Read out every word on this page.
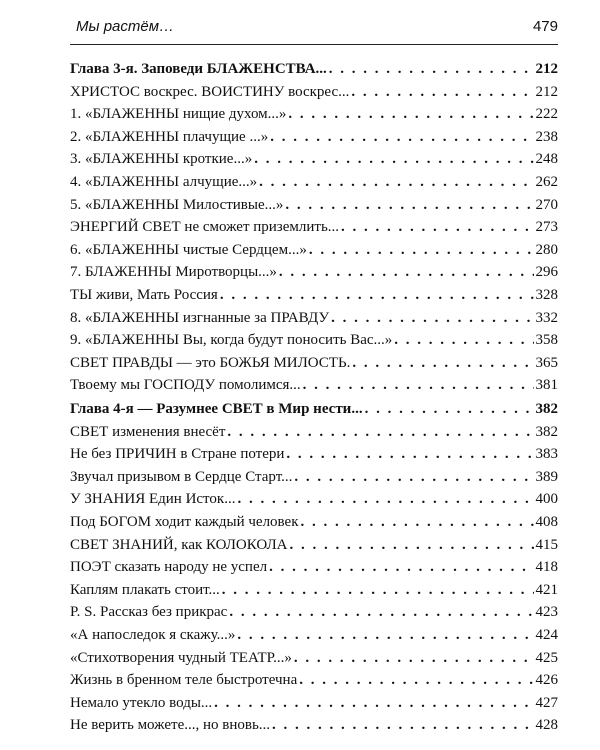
Мы растём…	479
Глава 3-я. Заповеди БЛАЖЕНСТВА... . . .	212
ХРИСТОС воскрес. ВОИСТИНУ воскрес... . . .	212
1. «БЛАЖЕННЫ нищие духом...» . . .	222
2. «БЛАЖЕННЫ плачущие ...» . . .	238
3. «БЛАЖЕННЫ кроткие...» . . .	248
4. «БЛАЖЕННЫ алчущие...» . . .	262
5. «БЛАЖЕННЫ Милостивые...» . . .	270
ЭНЕРГИЙ СВЕТ не сможет приземлить... . . .	273
6. «БЛАЖЕННЫ чистые Сердцем...» . . .	280
7. БЛАЖЕННЫ Миротворцы...» . . .	296
ТЫ живи, Мать Россия . . .	328
8. «БЛАЖЕННЫ изгнанные за ПРАВДУ . . .	332
9. «БЛАЖЕННЫ Вы, когда будут поносить Вас...» . . .	358
СВЕТ ПРАВДЫ — это БОЖЬЯ МИЛОСТЬ. . . .	365
Твоему мы ГОСПОДУ помолимся... . . .	381
Глава 4-я — Разумнее СВЕТ в Мир нести... . . .	382
СВЕТ изменения внесёт . . .	382
Не без ПРИЧИН в Стране потери . . .	383
Звучал призывом в Сердце Старт... . . .	389
У ЗНАНИЯ Един Исток... . . .	400
Под БОГОМ ходит каждый человек . . .	408
СВЕТ ЗНАНИЙ, как КОЛОКОЛА . . .	415
ПОЭТ сказать народу не успел . . .	418
Каплям плакать стоит... . . .	421
P. S. Рассказ без прикрас . . .	423
«А напоследок я скажу...» . . .	424
«Стихотворения чудный ТЕАТР...» . . .	425
Жизнь в бренном теле быстротечна . . .	426
Немало утекло воды... . . .	427
Не верить можете..., но вновь... . . .	428
